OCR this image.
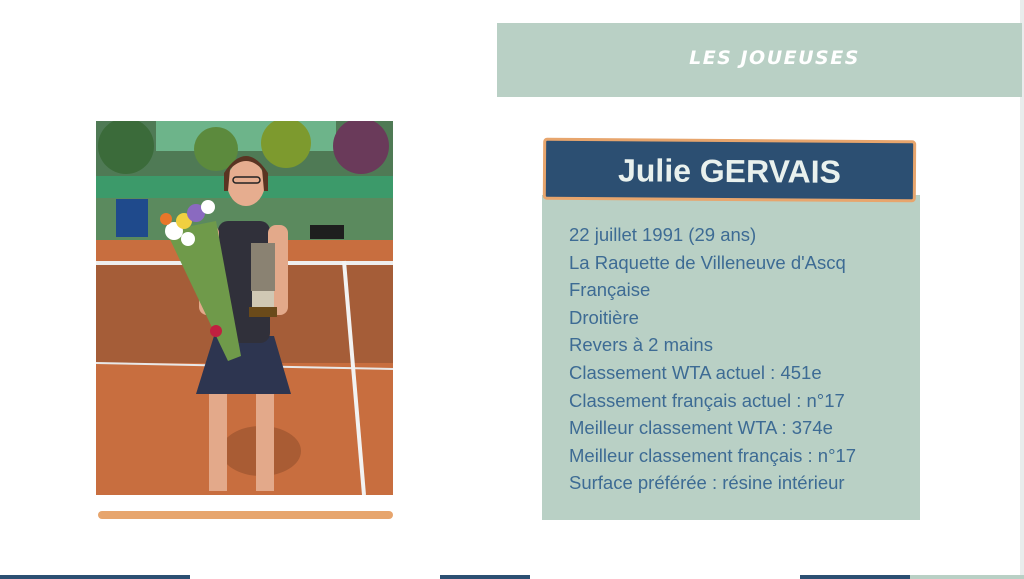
LES JOUEUSES
22 juillet 1991 (29 ans)
La Raquette de Villeneuve d'Ascq
Française
Droitière
Revers à 2 mains
Classement WTA actuel : 451e
Classement français actuel : n°17
Meilleur classement WTA : 374e
Meilleur classement français : n°17
Surface préférée : résine intérieur
Julie GERVAIS
